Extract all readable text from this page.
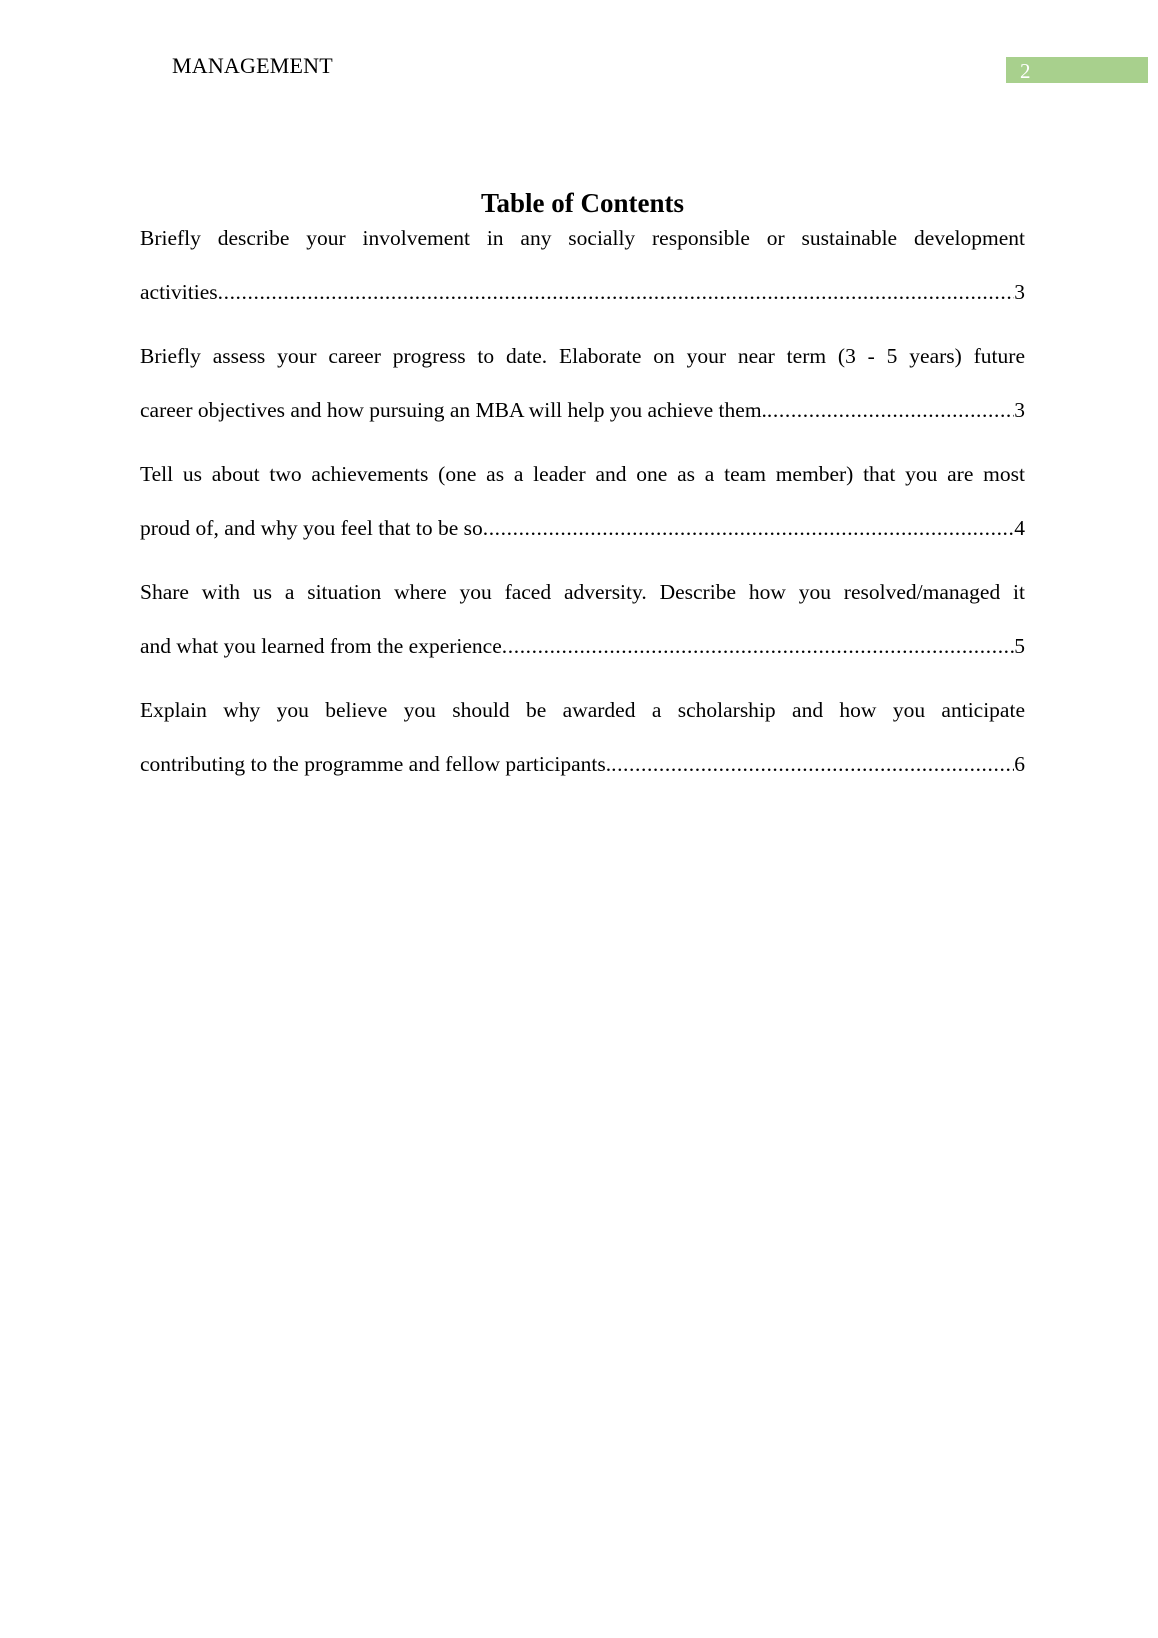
MANAGEMENT	2
Table of Contents
Briefly describe your involvement in any socially responsible or sustainable development
activities .....	3
Briefly assess your career progress to date. Elaborate on your near term (3 - 5 years) future
career objectives and how pursuing an MBA will help you achieve them. .....	3
Tell us about two achievements (one as a leader and one as a team member) that you are most
proud of, and why you feel that to be so .....	4
Share with us a situation where you faced adversity. Describe how you resolved/managed it
and what you learned from the experience .....	5
Explain why you believe you should be awarded a scholarship and how you anticipate
contributing to the programme and fellow participants. .....	6
